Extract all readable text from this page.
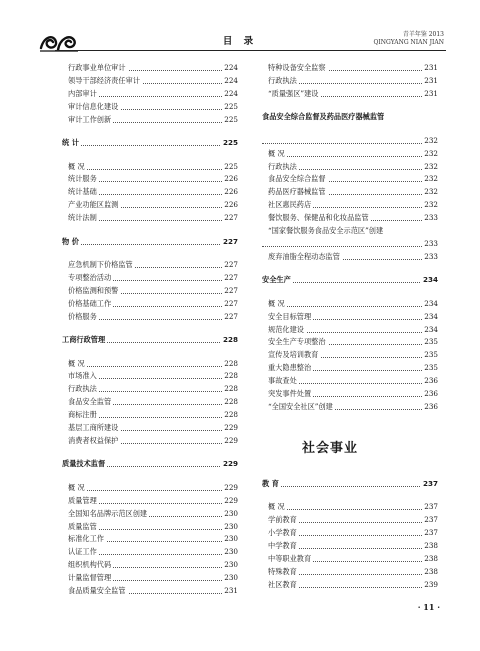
目 录
青羊年鉴 2013
QINGYANG NIAN JIAN
行政事业单位审计	224
领导干部经济责任审计	224
内部审计	224
审计信息化建设	225
审计工作创新	225
统 计	225
概 况	225
统计服务	226
统计基础	226
产业功能区监测	226
统计法制	227
物 价	227
应急机制下价格监管	227
专项整治活动	227
价格监测和预警	227
价格基础工作	227
价格服务	227
工商行政管理	228
概 况	228
市场准入	228
行政执法	228
食品安全监管	228
商标注册	228
基层工商所建设	229
消费者权益保护	229
质量技术监督	229
概 况	229
质量管理	229
全国知名品牌示范区创建	230
质量监管	230
标准化工作	230
认证工作	230
组织机构代码	230
计量监督管理	230
食品质量安全监管	231
特种设备安全监察	231
行政执法	231
“质量强区”建设	231
食品安全综合监督及药品医疗器械监管
232
概 况	232
行政执法	232
食品安全综合监督	232
药品医疗器械监管	232
社区惠民药店	232
餐饮服务、保健品和化妆品监管	233
“国家餐饮服务食品安全示范区”创建
233
废弃油脂全程动态监管	233
安全生产	234
概 况	234
安全目标管理	234
规范化建设	234
安全生产专项整治	235
宣传及培训教育	235
重大隐患整治	235
事故查处	236
突发事件处置	236
“全国安全社区”创建	236
教 育	237
概 况	237
学前教育	237
小学教育	237
中学教育	238
中等职业教育	238
特殊教育	238
社区教育	239
社会事业
· 11 ·
